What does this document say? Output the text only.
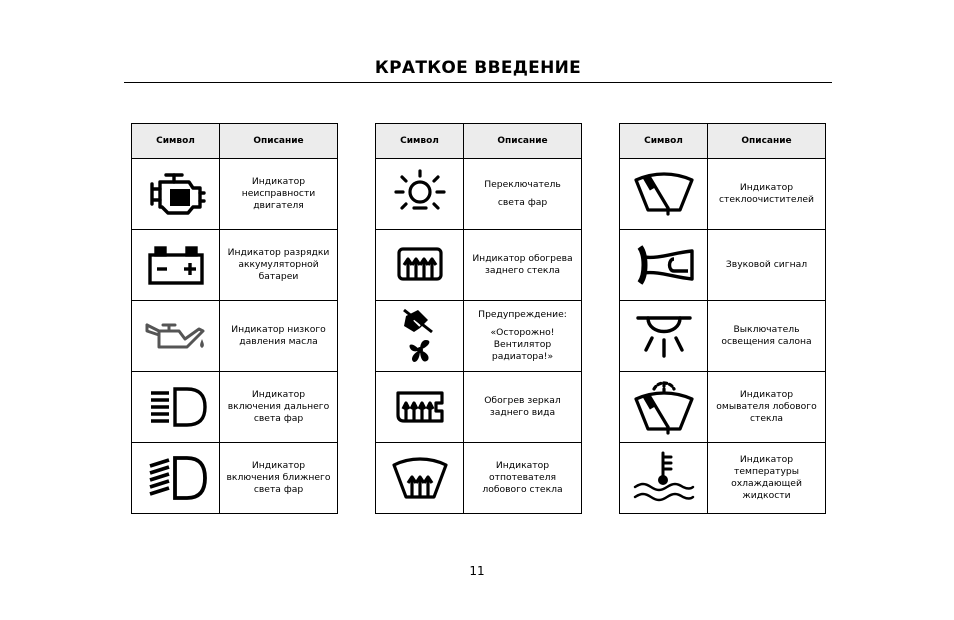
КРАТКОЕ ВВЕДЕНИЕ
Символ	Описание

Индикатор
неисправности
двигателя

Индикатор разрядки
аккумуляторной
батареи

Индикатор низкого
давления масла

Индикатор
включения дальнего
света фар

Индикатор
включения ближнего
света фар
Символ	Описание

Переключатель
света фар

Индикатор обогрева
заднего стекла

Предупреждение:
«Осторожно!
Вентилятор
радиатора!»

Обогрев зеркал
заднего вида

Индикатор
отпотевателя
лобового стекла
Символ	Описание

Индикатор
стеклоочистителей

Звуковой сигнал

Выключатель
освещения салона

Индикатор
омывателя лобового
стекла

Индикатор
температуры
охлаждающей
жидкости
11
